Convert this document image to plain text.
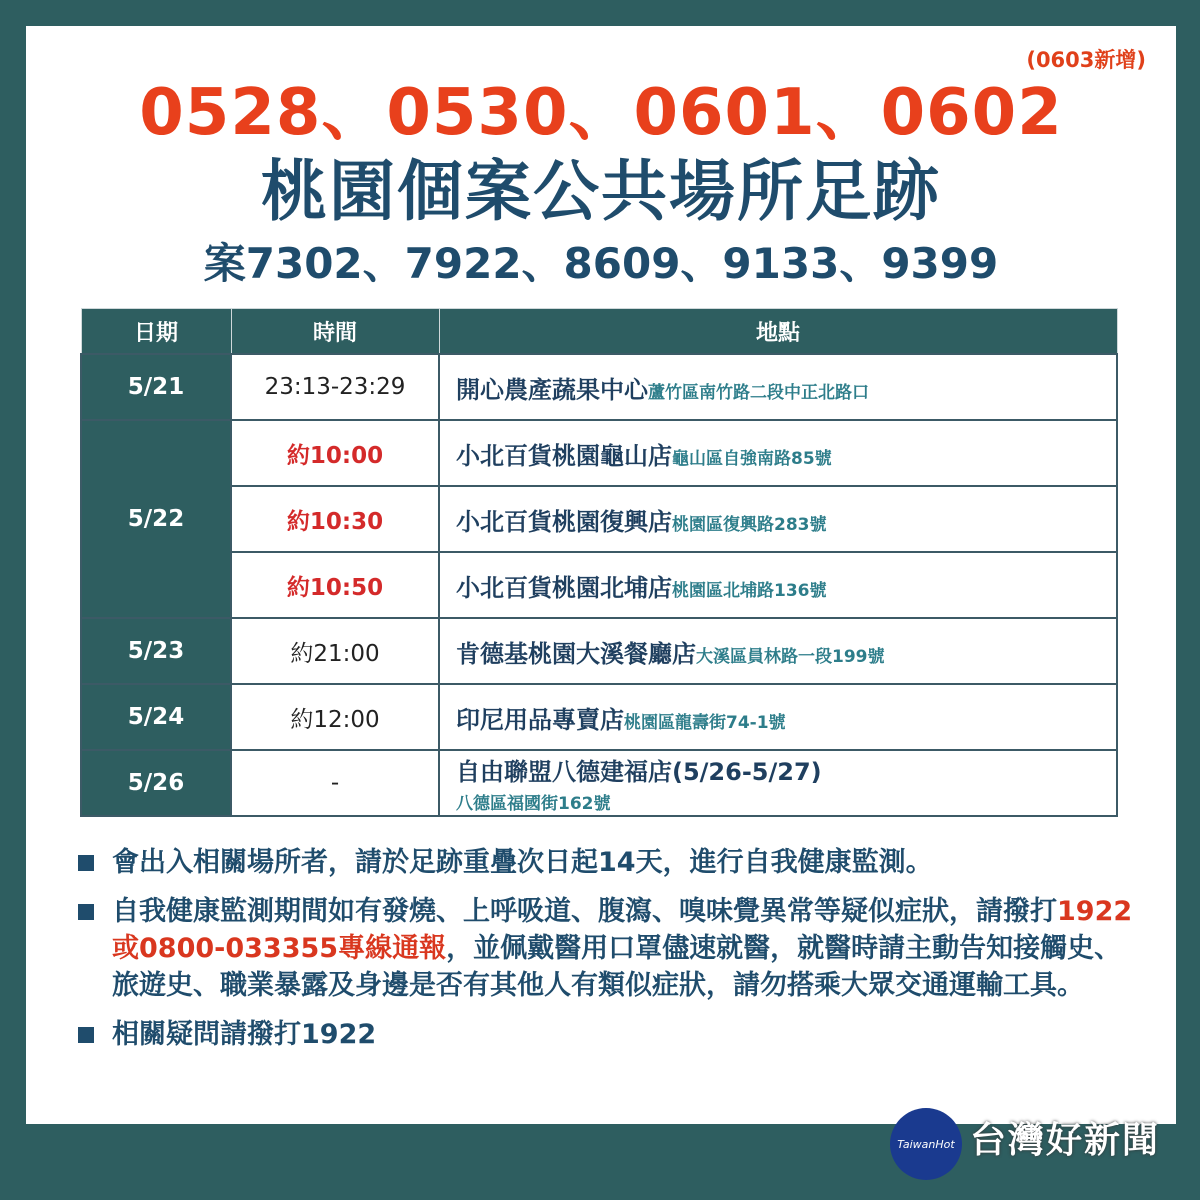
(0603新增)
0528、0530、0601、0602
桃園個案公共場所足跡
案7302、7922、8609、9133、9399
日期	時間	地點
5/21	23:13-23:29	開心農產蔬果中心蘆竹區南竹路二段中正北路口
5/22	約10:00	小北百貨桃園龜山店龜山區自強南路85號
	約10:30	小北百貨桃園復興店桃園區復興路283號
	約10:50	小北百貨桃園北埔店桃園區北埔路136號
5/23	約21:00	肯德基桃園大溪餐廳店大溪區員林路一段199號
5/24	約12:00	印尼用品專賣店桃園區龍壽街74-1號
5/26	-	自由聯盟八德建福店(5/26-5/27)
八德區福國街162號
會出入相關場所者，請於足跡重疊次日起14天，進行自我健康監測。
自我健康監測期間如有發燒、上呼吸道、腹瀉、嗅味覺異常等疑似症狀，請撥打1922或0800-033355專線通報，並佩戴醫用口罩儘速就醫，就醫時請主動告知接觸史、旅遊史、職業暴露及身邊是否有其他人有類似症狀，請勿搭乘大眾交通運輸工具。
相關疑問請撥打1922
TaiwanHot 台灣好新聞
